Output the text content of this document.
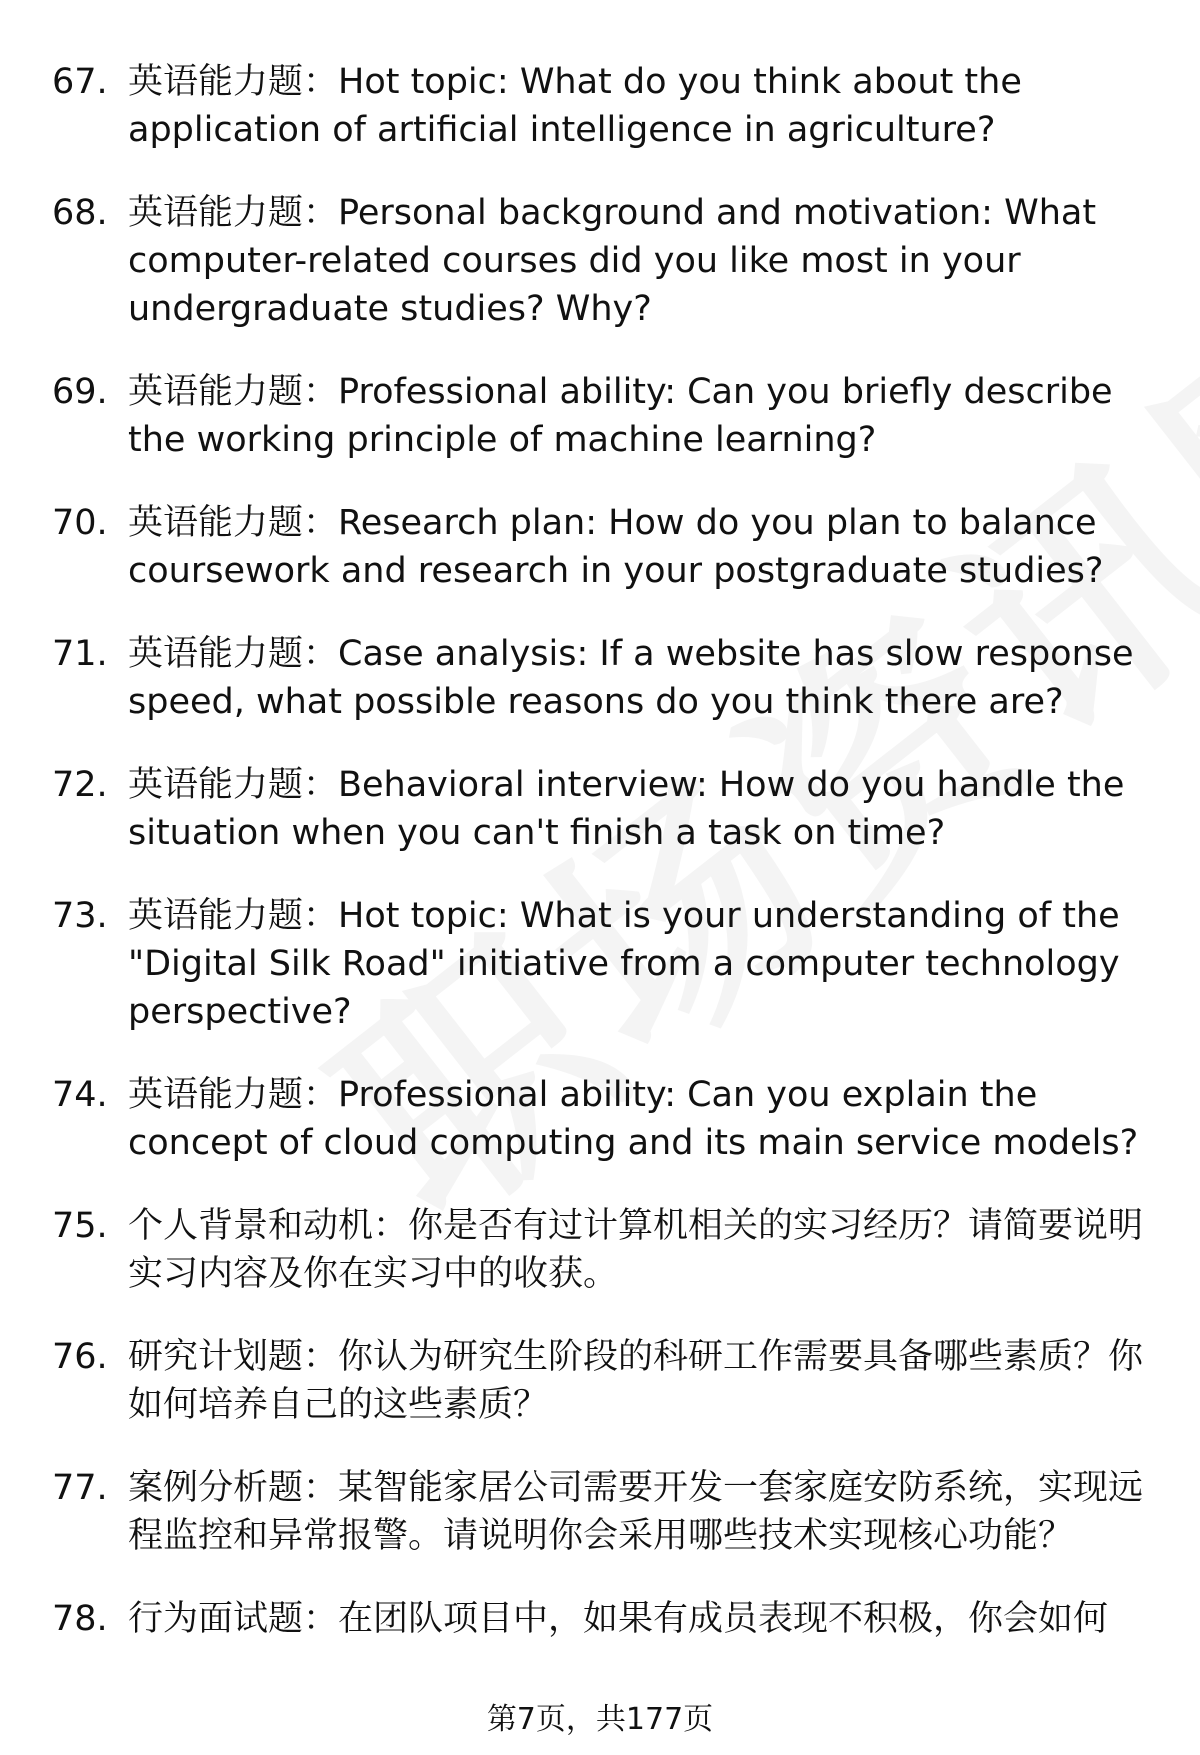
67. 英语能力题：Hot topic: What do you think about the application of artificial intelligence in agriculture?
68. 英语能力题：Personal background and motivation: What computer-related courses did you like most in your undergraduate studies? Why?
69. 英语能力题：Professional ability: Can you briefly describe the working principle of machine learning?
70. 英语能力题：Research plan: How do you plan to balance coursework and research in your postgraduate studies?
71. 英语能力题：Case analysis: If a website has slow response speed, what possible reasons do you think there are?
72. 英语能力题：Behavioral interview: How do you handle the situation when you can't finish a task on time?
73. 英语能力题：Hot topic: What is your understanding of the "Digital Silk Road" initiative from a computer technology perspective?
74. 英语能力题：Professional ability: Can you explain the concept of cloud computing and its main service models?
75. 个人背景和动机：你是否有过计算机相关的实习经历？请简要说明实习内容及你在实习中的收获。
76. 研究计划题：你认为研究生阶段的科研工作需要具备哪些素质？你如何培养自己的这些素质？
77. 案例分析题：某智能家居公司需要开发一套家庭安防系统，实现远程监控和异常报警。请说明你会采用哪些技术实现核心功能？
78. 行为面试题：在团队项目中，如果有成员表现不积极，你会如何
第7页，共177页
